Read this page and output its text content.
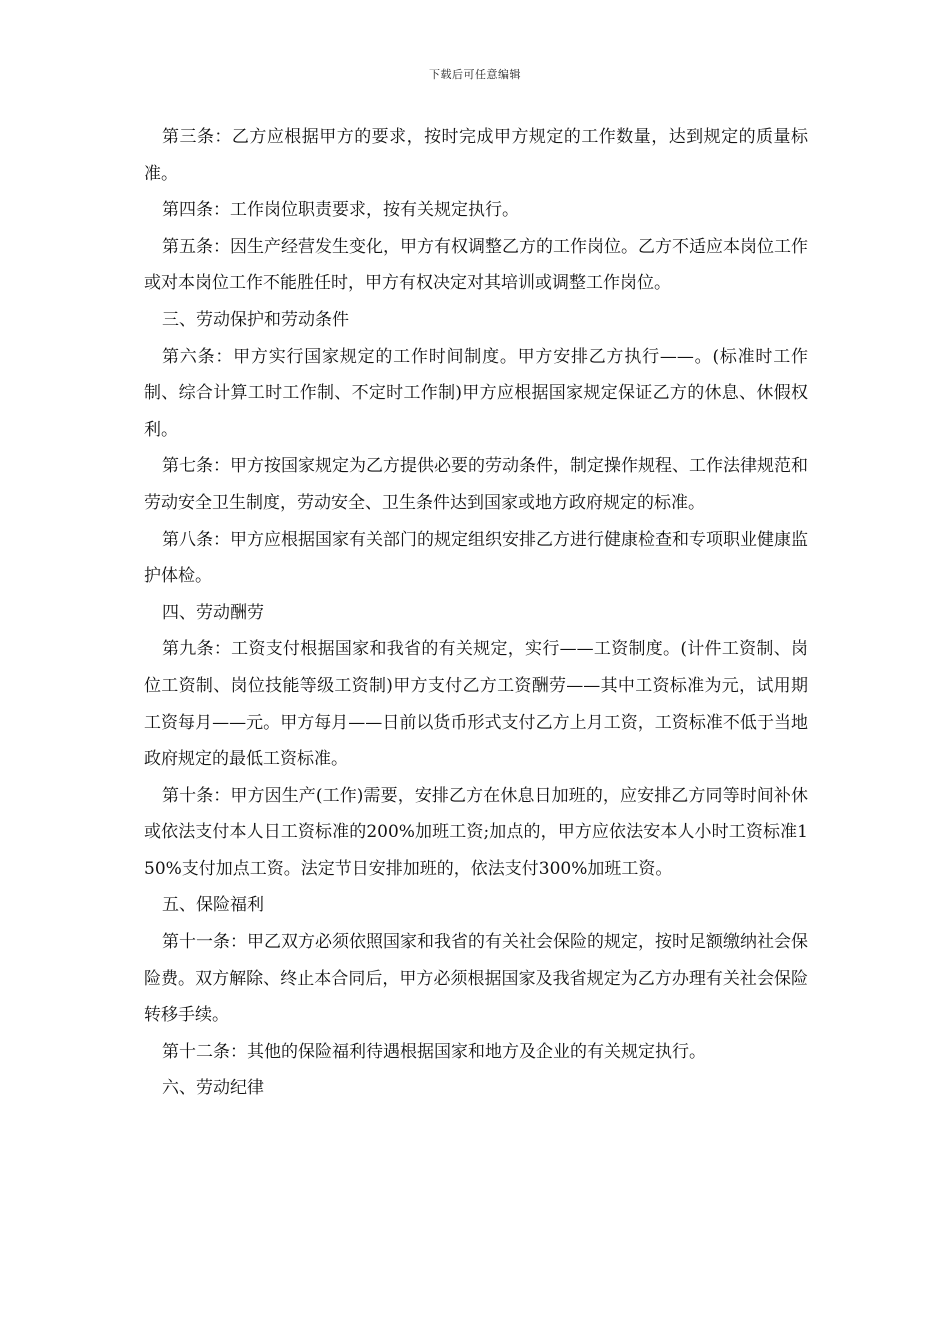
下载后可任意编辑

第三条：乙方应根据甲方的要求，按时完成甲方规定的工作数量，达到规定的质量标准。

第四条：工作岗位职责要求，按有关规定执行。

第五条：因生产经营发生变化，甲方有权调整乙方的工作岗位。乙方不适应本岗位工作或对本岗位工作不能胜任时，甲方有权决定对其培训或调整工作岗位。

三、劳动保护和劳动条件

第六条：甲方实行国家规定的工作时间制度。甲方安排乙方执行——。(标准时工作制、综合计算工时工作制、不定时工作制)甲方应根据国家规定保证乙方的休息、休假权利。

第七条：甲方按国家规定为乙方提供必要的劳动条件，制定操作规程、工作法律规范和劳动安全卫生制度，劳动安全、卫生条件达到国家或地方政府规定的标准。

第八条：甲方应根据国家有关部门的规定组织安排乙方进行健康检查和专项职业健康监护体检。

四、劳动酬劳

第九条：工资支付根据国家和我省的有关规定，实行——工资制度。(计件工资制、岗位工资制、岗位技能等级工资制)甲方支付乙方工资酬劳——其中工资标准为元，试用期工资每月——元。甲方每月——日前以货币形式支付乙方上月工资，工资标准不低于当地政府规定的最低工资标准。

第十条：甲方因生产(工作)需要，安排乙方在休息日加班的，应安排乙方同等时间补休或依法支付本人日工资标准的200%加班工资;加点的，甲方应依法安本人小时工资标准150%支付加点工资。法定节日安排加班的，依法支付300%加班工资。

五、保险福利

第十一条：甲乙双方必须依照国家和我省的有关社会保险的规定，按时足额缴纳社会保险费。双方解除、终止本合同后，甲方必须根据国家及我省规定为乙方办理有关社会保险转移手续。

第十二条：其他的保险福利待遇根据国家和地方及企业的有关规定执行。

六、劳动纪律
